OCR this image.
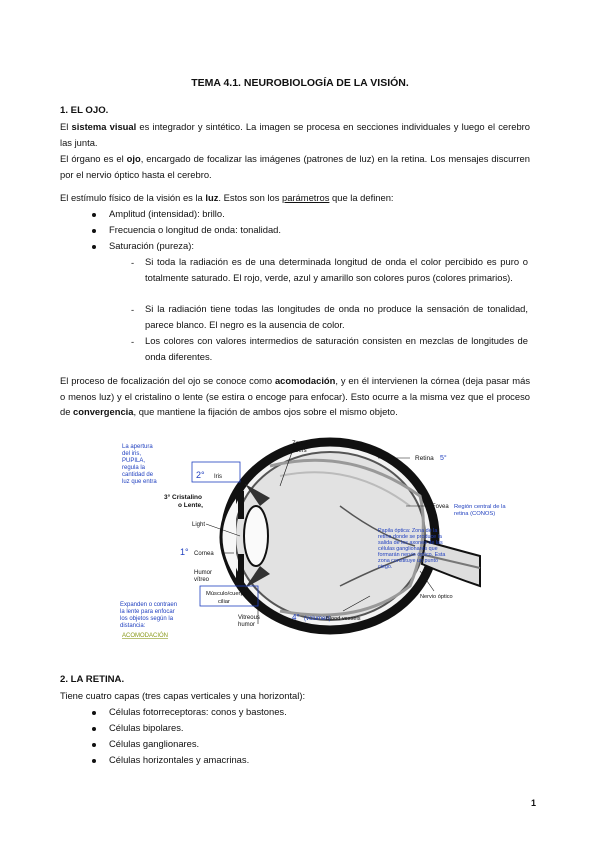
TEMA 4.1. NEUROBIOLOGÍA DE LA VISIÓN.
1. EL OJO.
El sistema visual es integrador y sintético. La imagen se procesa en secciones individuales y luego el cerebro las junta.
El órgano es el ojo, encargado de focalizar las imágenes (patrones de luz) en la retina. Los mensajes discurren por el nervio óptico hasta el cerebro.
El estímulo físico de la visión es la luz. Estos son los parámetros que la definen:
Amplitud (intensidad): brillo.
Frecuencia o longitud de onda: tonalidad.
Saturación (pureza):
- Si toda la radiación es de una determinada longitud de onda el color percibido es puro o totalmente saturado. El rojo, verde, azul y amarillo son colores puros (colores primarios).
- Si la radiación tiene todas las longitudes de onda no produce la sensación de tonalidad, parece blanco. El negro es la ausencia de color.
- Los colores con valores intermedios de saturación consisten en mezclas de longitudes de onda diferentes.
El proceso de focalización del ojo se conoce como acomodación, y en él intervienen la córnea (deja pasar más o menos luz) y el cristalino o lente (se estira o encoge para enfocar). Esto ocurre a la misma vez que el proceso de convergencia, que mantiene la fijación de ambos ojos sobre el mismo objeto.
La apertura
del iris,
PUPILA,
regula la
cantidad de
luz que entra
2° Iris
Zonule
fibers
Retina 5°
3° Cristalino
o Lente,
Light
1° Cornea
Fovea Región central de la
retina (CONOS)
Papila óptica: Zona de la
retina donde se produce la
salida de los axones de las
células ganglionares que
formarán nervio óptico. Esta
zona constituye un punto
ciego.
Humor
vítreo
Nervio óptico
Músculo/cuerpo
ciliar
Expanden o contraen
la lente para enfocar
los objetos según la
distancia:
ACOMODACIÓN
Vitreous
humor
4° (volumen)
Blood vessels
2. LA RETINA.
Tiene cuatro capas (tres capas verticales y una horizontal):
Células fotorreceptoras: conos y bastones.
Células bipolares.
Células ganglionares.
Células horizontales y amacrinas.
1
